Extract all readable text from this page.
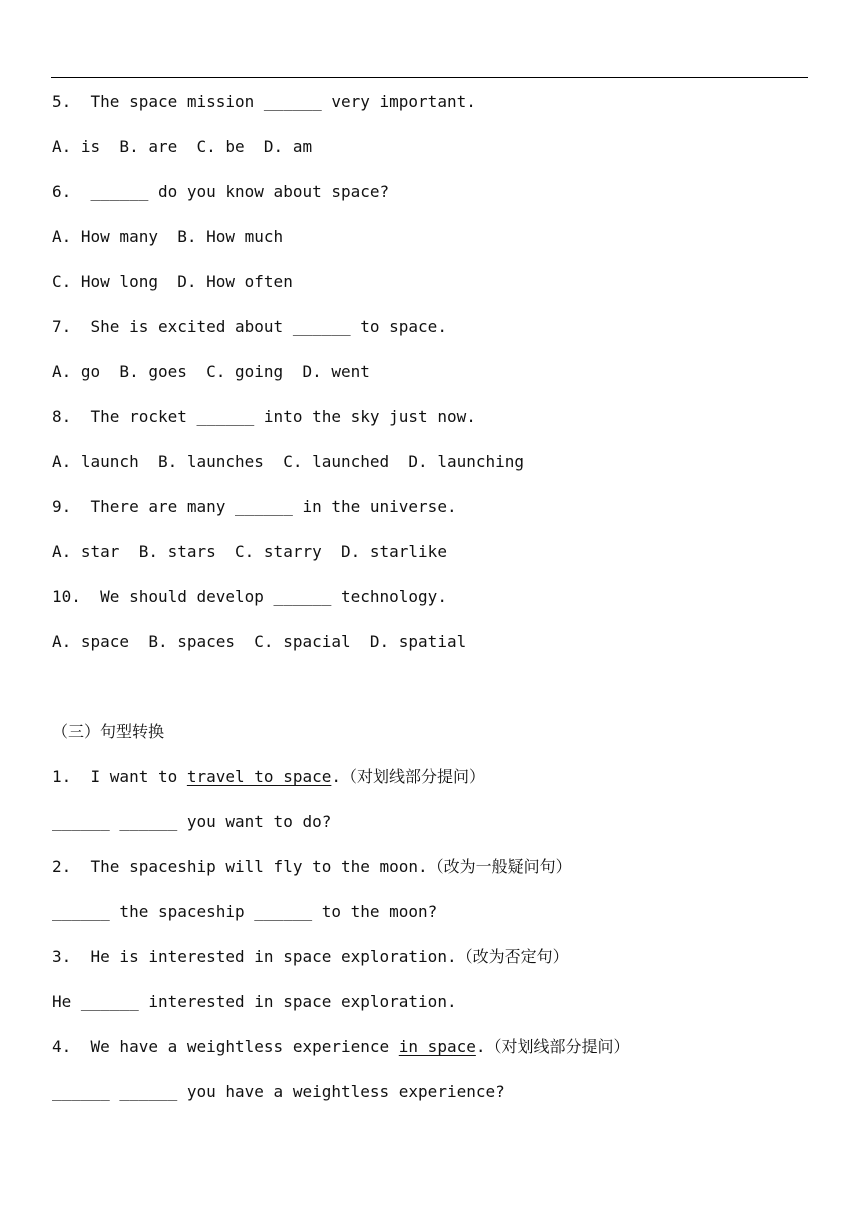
5.  The space mission ______ very important.
A. is  B. are  C. be  D. am
6.  ______ do you know about space?
A. How many  B. How much
C. How long  D. How often
7.  She is excited about ______ to space.
A. go  B. goes  C. going  D. went
8.  The rocket ______ into the sky just now.
A. launch  B. launches  C. launched  D. launching
9.  There are many ______ in the universe.
A. star  B. stars  C. starry  D. starlike
10.  We should develop ______ technology.
A. space  B. spaces  C. spacial  D. spatial
（三）句型转换
1.  I want to travel to space.（对划线部分提问）
______ ______ you want to do?
2.  The spaceship will fly to the moon.（改为一般疑问句）
______ the spaceship ______ to the moon?
3.  He is interested in space exploration.（改为否定句）
He ______ interested in space exploration.
4.  We have a weightless experience in space.（对划线部分提问）
______ ______ you have a weightless experience?
